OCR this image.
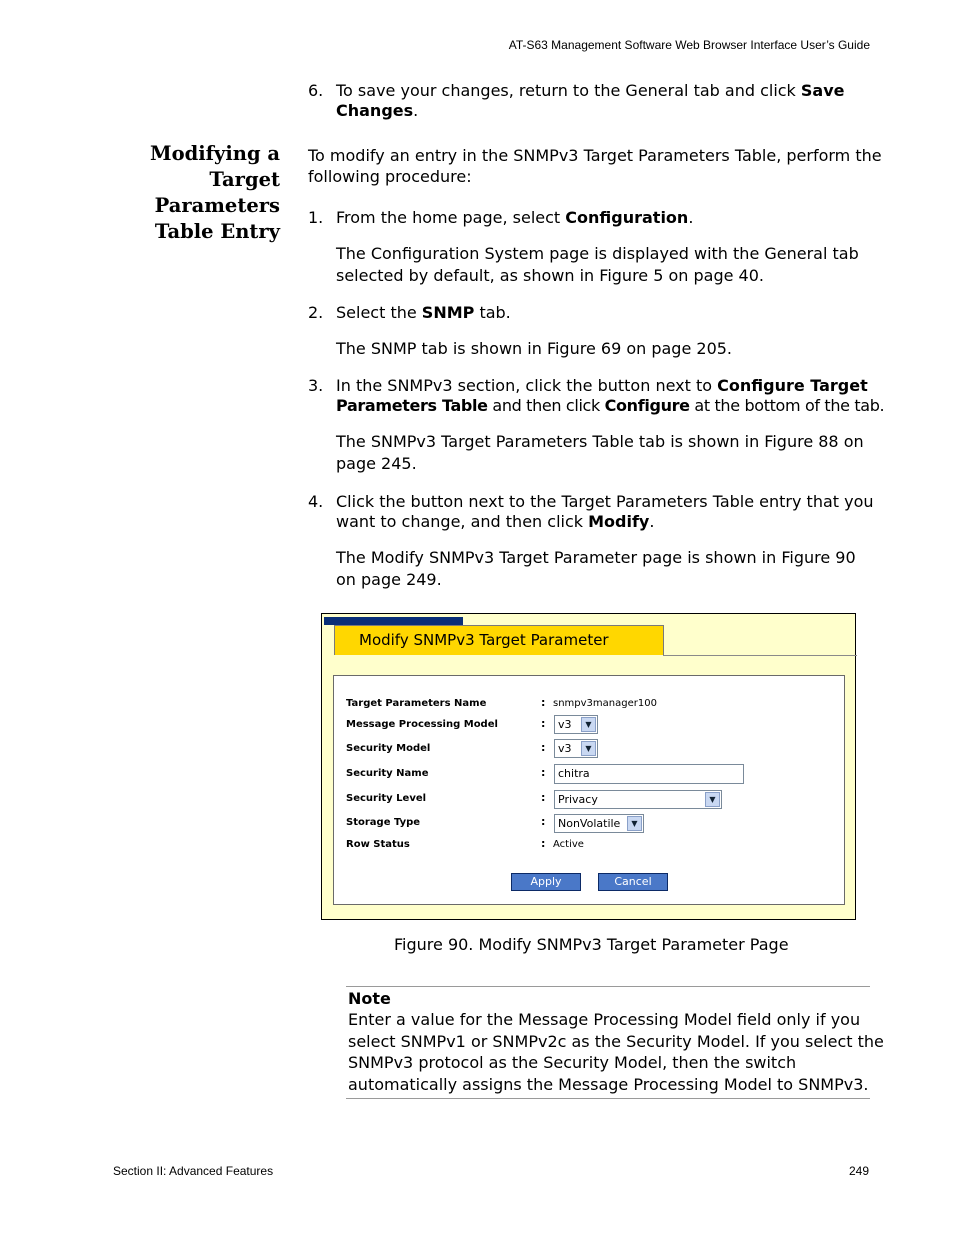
AT-S63 Management Software Web Browser Interface User’s Guide
6. To save your changes, return to the General tab and click Save
Changes.
Modifying a
Target
Parameters
Table Entry
To modify an entry in the SNMPv3 Target Parameters Table, perform the
following procedure:
1. From the home page, select Configuration.
The Configuration System page is displayed with the General tab
selected by default, as shown in Figure 5 on page 40.
2. Select the SNMP tab.
The SNMP tab is shown in Figure 69 on page 205.
3. In the SNMPv3 section, click the button next to Configure Target
Parameters Table and then click Configure at the bottom of the tab.
The SNMPv3 Target Parameters Table tab is shown in Figure 88 on
page 245.
4. Click the button next to the Target Parameters Table entry that you
want to change, and then click Modify.
The Modify SNMPv3 Target Parameter page is shown in Figure 90
on page 249.
Modify SNMPv3 Target Parameter
Target Parameters Name	: snmpv3manager100
Message Processing Model	:	v3	▼
Security Model	:	v3	▼
Security Name	:	chitra
Security Level	:	Privacy	▼
Storage Type	:	NonVolatile	▼
Row Status	: Active
Apply	Cancel
Figure 90. Modify SNMPv3 Target Parameter Page
Note
Enter a value for the Message Processing Model field only if you
select SNMPv1 or SNMPv2c as the Security Model. If you select the
SNMPv3 protocol as the Security Model, then the switch
automatically assigns the Message Processing Model to SNMPv3.
Section II: Advanced Features	249
